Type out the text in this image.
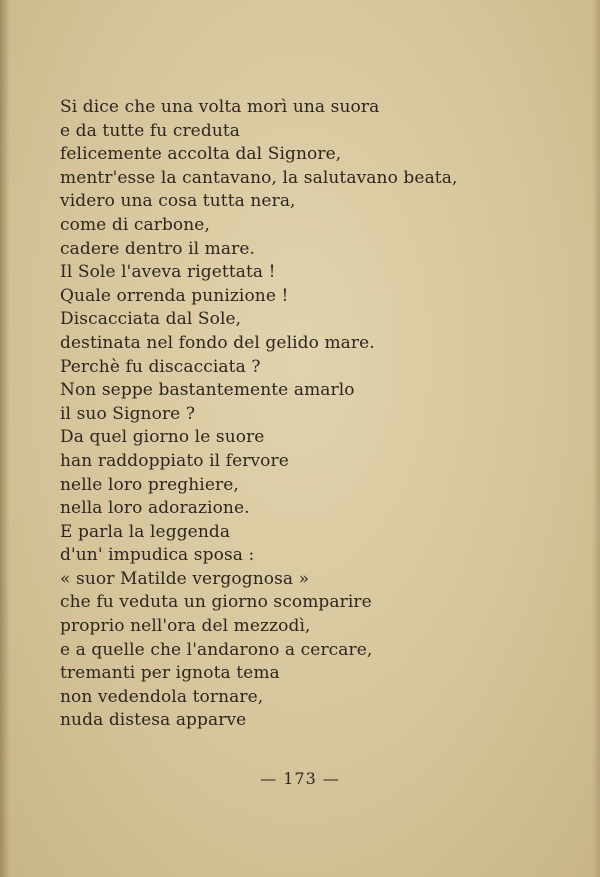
Si dice che una volta morì una suora
e da tutte fu creduta
felicemente accolta dal Signore,
mentr'esse la cantavano, la salutavano beata,
videro una cosa tutta nera,
come di carbone,
cadere dentro il mare.
Il Sole l'aveva rigettata !
Quale orrenda punizione !
Discacciata dal Sole,
destinata nel fondo del gelido mare.
Perchè fu discacciata ?
Non seppe bastantemente amarlo
il suo Signore ?
Da quel giorno le suore
han raddoppiato il fervore
nelle loro preghiere,
nella loro adorazione.
E parla la leggenda
d'un' impudica sposa :
« suor Matilde vergognosa »
che fu veduta un giorno scomparire
proprio nell'ora del mezzodì,
e a quelle che l'andarono a cercare,
tremanti per ignota tema
non vedendola tornare,
nuda distesa apparve
— 173 —
